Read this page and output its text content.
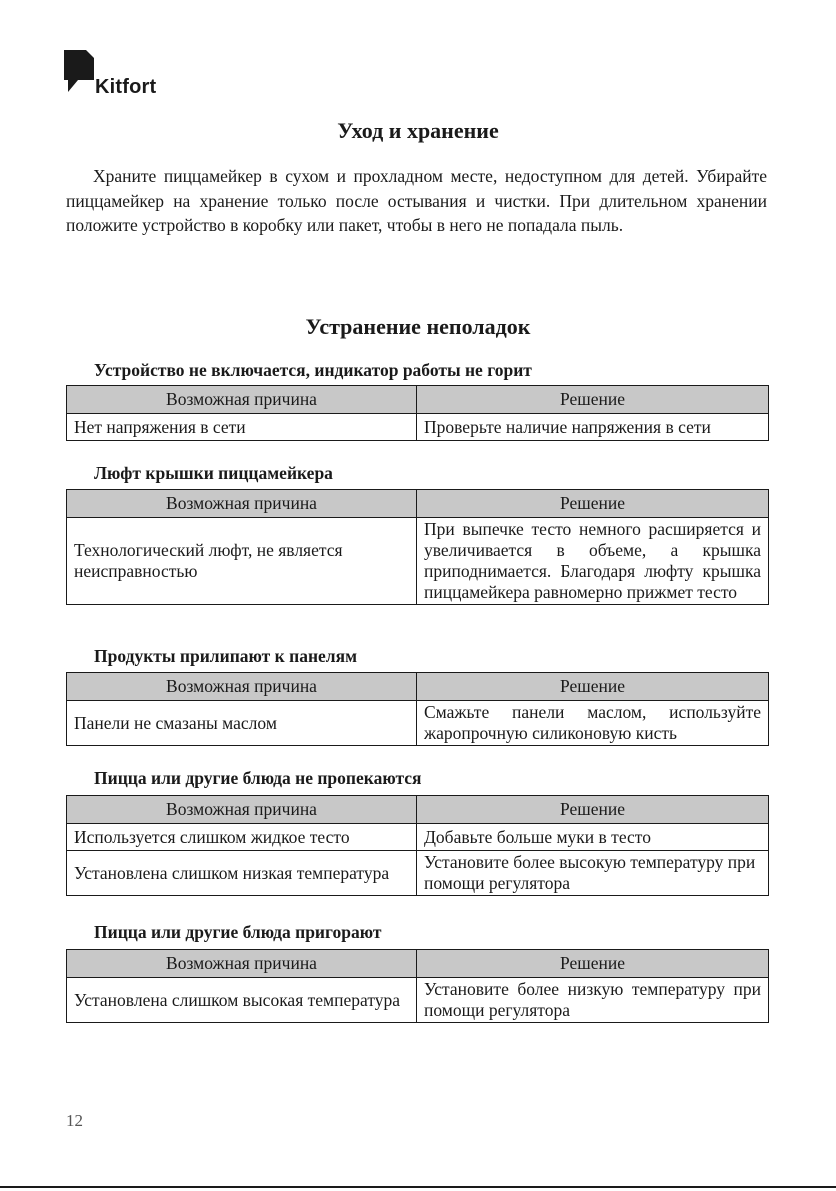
Kitfort
Уход и хранение

Храните пиццамейкер в сухом и прохладном месте, недоступном для детей. Убирайте пиццамейкер на хранение только после остывания и чистки. При длительном хранении положите устройство в коробку или пакет, чтобы в него не попадала пыль.

Устранение неполадок

Устройство не включается, индикатор работы не горит

Возможная причина	Решение
Нет напряжения в сети	Проверьте наличие напряжения в сети

Люфт крышки пиццамейкера

Возможная причина	Решение
Технологический люфт, не является неисправностью	При выпечке тесто немного расширяется и увеличивается в объеме, а крышка приподнимается. Благодаря люфту крышка пиццамейкера равномерно прижмет тесто

Продукты прилипают к панелям

Возможная причина	Решение
Панели не смазаны маслом	Смажьте панели маслом, используйте жаропрочную силиконовую кисть

Пицца или другие блюда не пропекаются

Возможная причина	Решение
Используется слишком жидкое тесто	Добавьте больше муки в тесто
Установлена слишком низкая температура	Установите более высокую температуру при помощи регулятора

Пицца или другие блюда пригорают

Возможная причина	Решение
Установлена слишком высокая температура	Установите более низкую температуру при помощи регулятора
12
